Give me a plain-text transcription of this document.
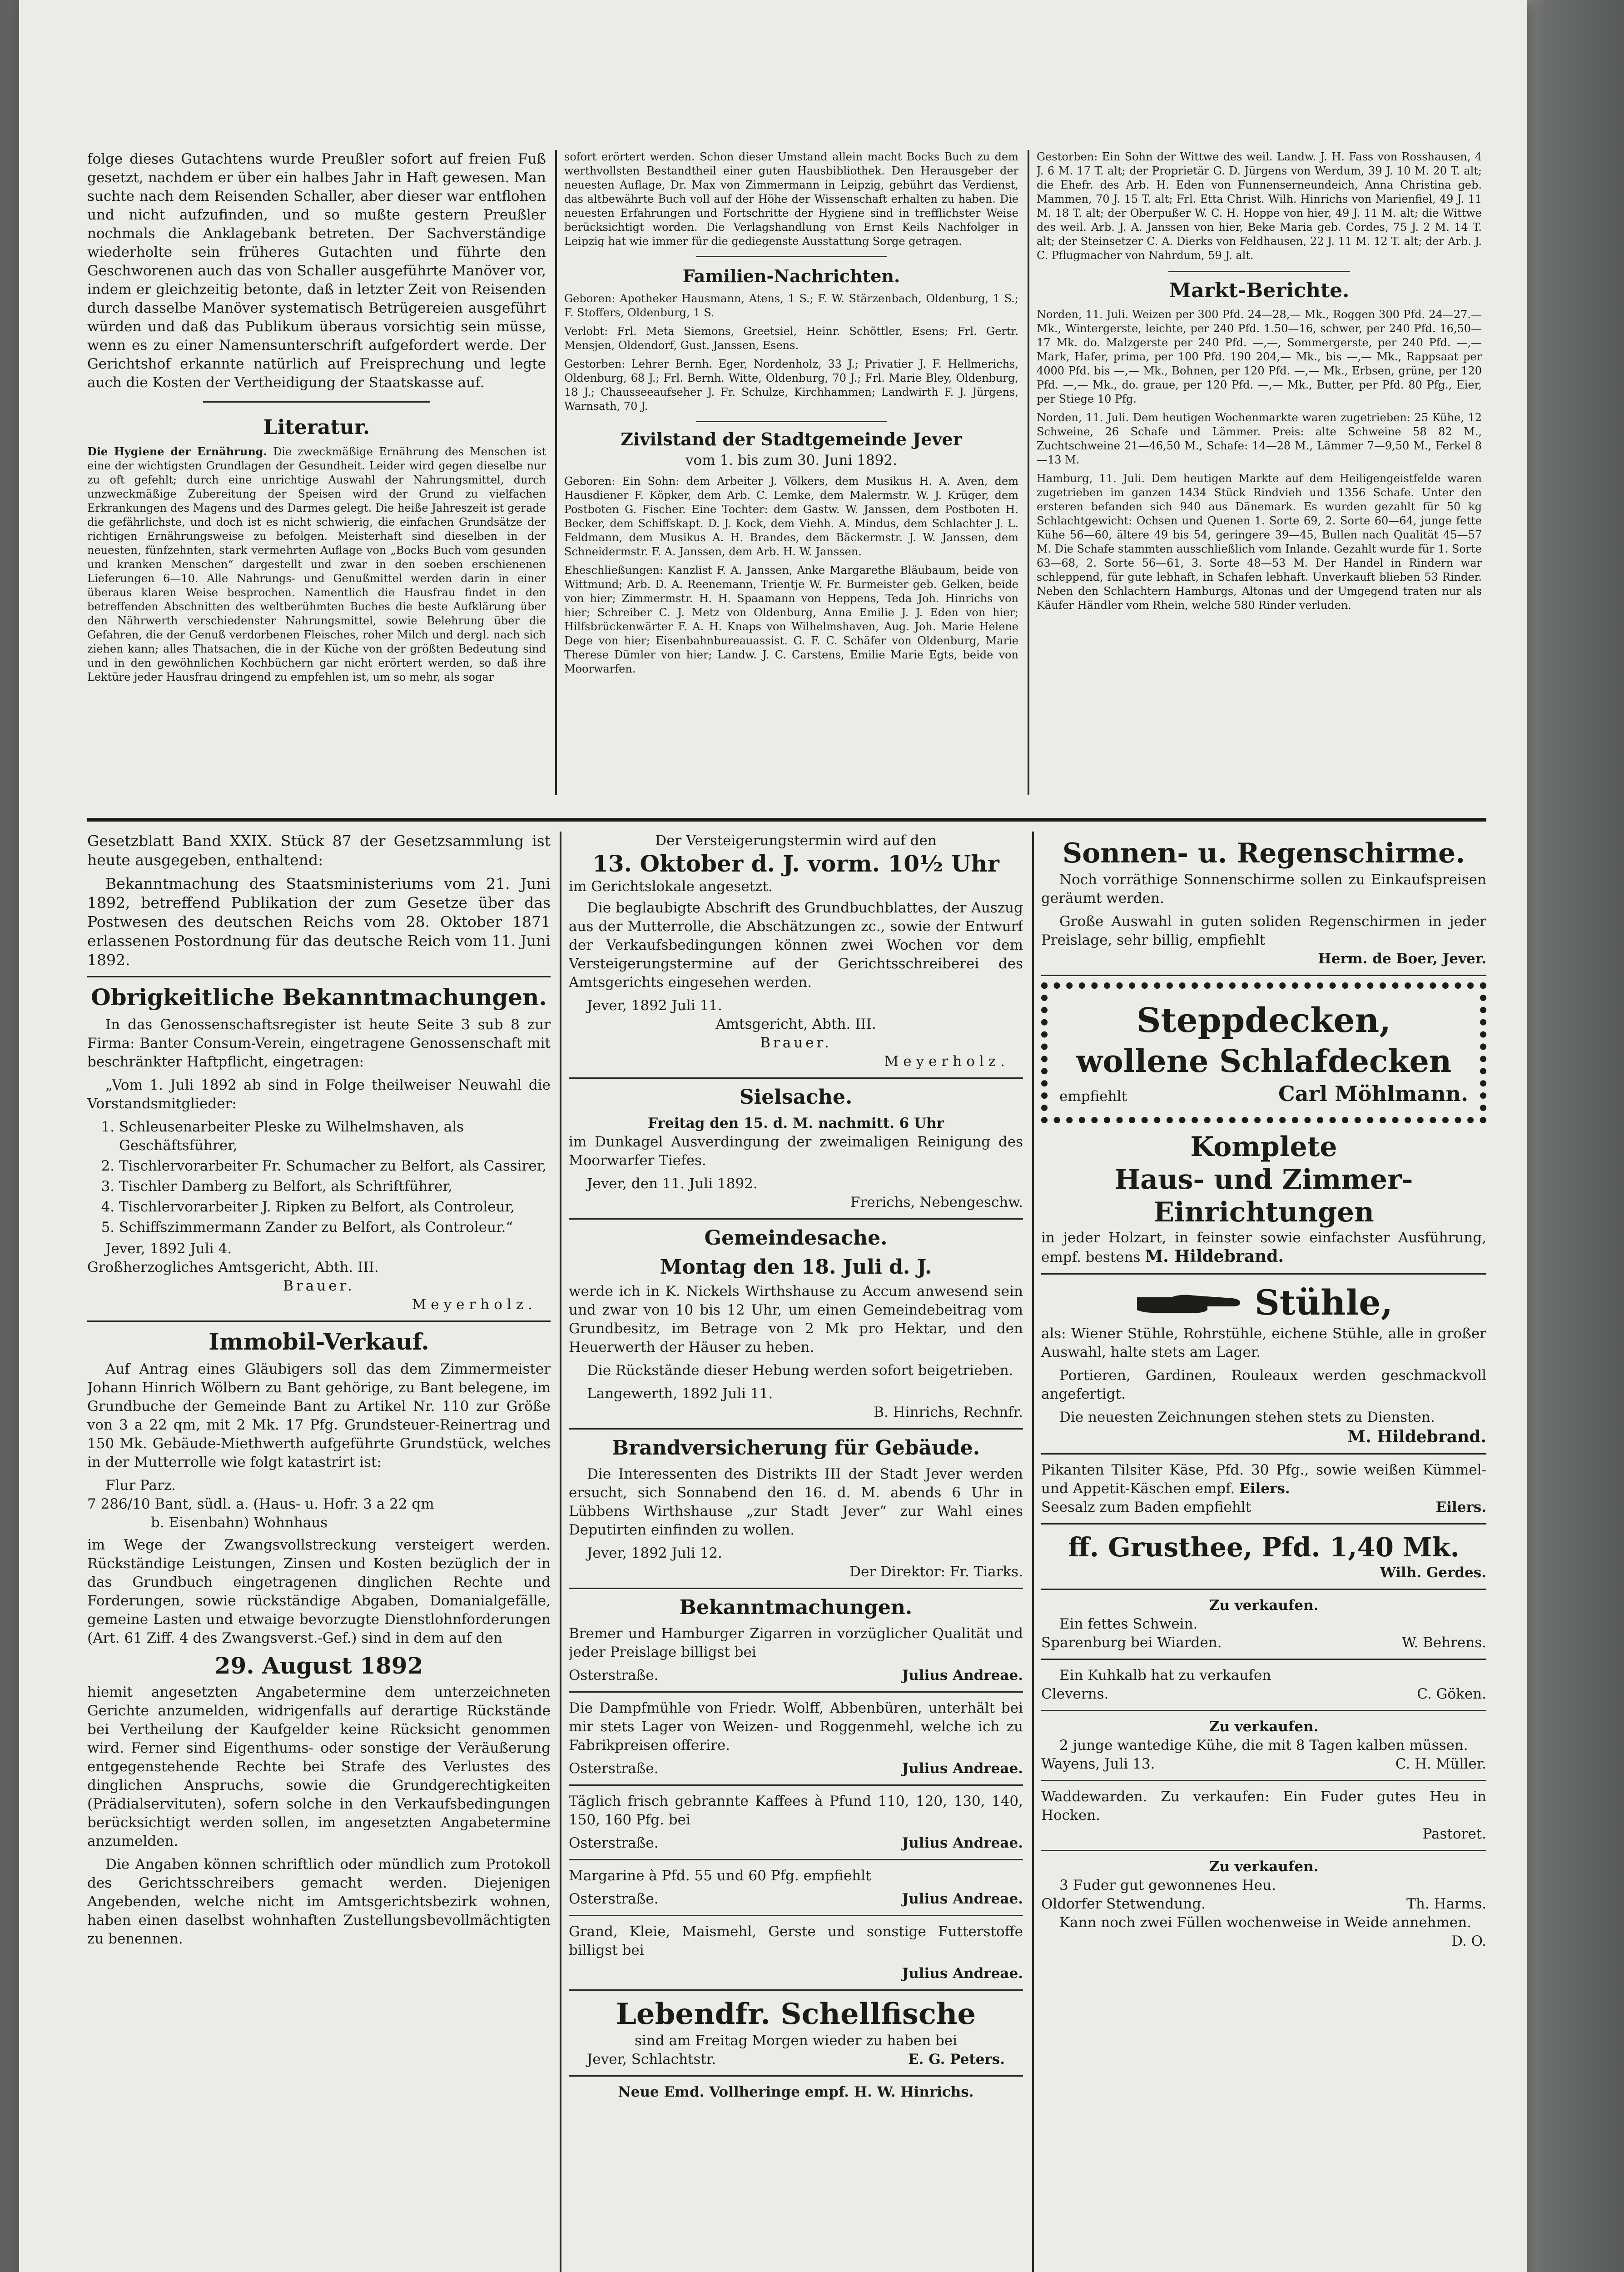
folge dieses Gutachtens wurde Preußler sofort auf freien Fuß gesetzt, nachdem er über ein halbes Jahr in Haft gewesen. Man suchte nach dem Reisenden Schaller, aber dieser war entflohen und nicht aufzufinden, und so mußte gestern Preußler nochmals die Anklagebank betreten. Der Sachverständige wiederholte sein früheres Gutachten und führte den Geschworenen auch das von Schaller ausgeführte Manöver vor, indem er gleichzeitig betonte, daß in letzter Zeit von Reisenden durch dasselbe Manöver systematisch Betrügereien ausgeführt würden und daß das Publikum überaus vorsichtig sein müsse, wenn es zu einer Namensunterschrift aufgefordert werde. Der Gerichtshof erkannte natürlich auf Freisprechung und legte auch die Kosten der Vertheidigung der Staatskasse auf.

Literatur.

Die Hygiene der Ernährung. Die zweckmäßige Ernährung des Menschen ist eine der wichtigsten Grundlagen der Gesundheit. Leider wird gegen dieselbe nur zu oft gefehlt; durch eine unrichtige Auswahl der Nahrungsmittel, durch unzweckmäßige Zubereitung der Speisen wird der Grund zu vielfachen Erkrankungen des Magens und des Darmes gelegt. Die heiße Jahreszeit ist gerade die gefährlichste, und doch ist es nicht schwierig, die einfachen Grundsätze der richtigen Ernährungsweise zu befolgen. Meisterhaft sind dieselben in der neuesten, fünfzehnten, stark vermehrten Auflage von „Bocks Buch vom gesunden und kranken Menschen“ dargestellt und zwar in den soeben erschienenen Lieferungen 6—10. Alle Nahrungs- und Genußmittel werden darin in einer überaus klaren Weise besprochen. Namentlich die Hausfrau findet in den betreffenden Abschnitten des weltberühmten Buches die beste Aufklärung über den Nährwerth verschiedenster Nahrungsmittel, sowie Belehrung über die Gefahren, die der Genuß verdorbenen Fleisches, roher Milch und dergl. nach sich ziehen kann; alles Thatsachen, die in der Küche von der größten Bedeutung sind und in den gewöhnlichen Kochbüchern gar nicht erörtert werden, so daß ihre Lektüre jeder Hausfrau dringend zu empfehlen ist, um so mehr, als sogar

sofort erörtert werden. Schon dieser Umstand allein macht Bocks Buch zu dem werthvollsten Bestandtheil einer guten Hausbibliothek. Den Herausgeber der neuesten Auflage, Dr. Max von Zimmermann in Leipzig, gebührt das Verdienst, das altbewährte Buch voll auf der Höhe der Wissenschaft erhalten zu haben. Die neuesten Erfahrungen und Fortschritte der Hygiene sind in trefflichster Weise berücksichtigt worden. Die Verlagshandlung von Ernst Keils Nachfolger in Leipzig hat wie immer für die gediegenste Ausstattung Sorge getragen.

Familien-Nachrichten.

Geboren: Apotheker Hausmann, Atens, 1 S.; F. W. Stärzenbach, Oldenburg, 1 S.; F. Stoffers, Oldenburg, 1 S.

Verlobt: Frl. Meta Siemons, Greetsiel, Heinr. Schöttler, Esens; Frl. Gertr. Mensjen, Oldendorf, Gust. Janssen, Esens.

Gestorben: Lehrer Bernh. Eger, Nordenholz, 33 J.; Privatier J. F. Hellmerichs, Oldenburg, 68 J.; Frl. Bernh. Witte, Oldenburg, 70 J.; Frl. Marie Bley, Oldenburg, 18 J.; Chausseeaufseher J. Fr. Schulze, Kirchhammen; Landwirth F. J. Jürgens, Warnsath, 70 J.

Zivilstand der Stadtgemeinde Jever
vom 1. bis zum 30. Juni 1892.

Geboren: Ein Sohn: dem Arbeiter J. Völkers, dem Musikus H. A. Aven, dem Hausdiener F. Köpker, dem Arb. C. Lemke, dem Malermstr. W. J. Krüger, dem Postboten G. Fischer. Eine Tochter: dem Gastw. W. Janssen, dem Postboten H. Becker, dem Schiffskapt. D. J. Kock, dem Viehh. A. Mindus, dem Schlachter J. L. Feldmann, dem Musikus A. H. Brandes, dem Bäckermstr. J. W. Janssen, dem Schneidermstr. F. A. Janssen, dem Arb. H. W. Janssen.

Eheschließungen: Kanzlist F. A. Janssen, Anke Margarethe Bläubaum, beide von Wittmund; Arb. D. A. Reenemann, Trientje W. Fr. Burmeister geb. Gelken, beide von hier; Zimmermstr. H. H. Spaamann von Heppens, Teda Joh. Hinrichs von hier; Schreiber C. J. Metz von Oldenburg, Anna Emilie J. J. Eden von hier; Hilfsbrückenwärter F. A. H. Knaps von Wilhelmshaven, Aug. Joh. Marie Helene Dege von hier; Eisenbahnbureauassist. G. F. C. Schäfer von Oldenburg, Marie Therese Dümler von hier; Landw. J. C. Carstens, Emilie Marie Egts, beide von Moorwarfen.

Gestorben: Ein Sohn der Wittwe des weil. Landw. J. H. Fass von Rosshausen, 4 J. 6 M. 17 T. alt; der Proprietär G. D. Jürgens von Werdum, 39 J. 10 M. 20 T. alt; die Ehefr. des Arb. H. Eden von Funnenserneundeich, Anna Christina geb. Mammen, 70 J. 15 T. alt; Frl. Etta Christ. Wilh. Hinrichs von Marienfiel, 49 J. 11 M. 18 T. alt; der Oberpußer W. C. H. Hoppe von hier, 49 J. 11 M. alt; die Wittwe des weil. Arb. J. A. Janssen von hier, Beke Maria geb. Cordes, 75 J. 2 M. 14 T. alt; der Steinsetzer C. A. Dierks von Feldhausen, 22 J. 11 M. 12 T. alt; der Arb. J. C. Pflugmacher von Nahrdum, 59 J. alt.

Markt-Berichte.

Norden, 11. Juli. Weizen per 300 Pfd. 24—28,— Mk., Roggen 300 Pfd. 24—27.— Mk., Wintergerste, leichte, per 240 Pfd. 1.50—16, schwer, per 240 Pfd. 16,50—17 Mk. do. Malzgerste per 240 Pfd. —,—, Sommergerste, per 240 Pfd. —,— Mark, Hafer, prima, per 100 Pfd. 190 204,— Mk., bis —,— Mk., Rappsaat per 4000 Pfd. bis —,— Mk., Bohnen, per 120 Pfd. —,— Mk., Erbsen, grüne, per 120 Pfd. —,— Mk., do. graue, per 120 Pfd. —,— Mk., Butter, per Pfd. 80 Pfg., Eier, per Stiege 10 Pfg.

Norden, 11. Juli. Dem heutigen Wochenmarkte waren zugetrieben: 25 Kühe, 12 Schweine, 26 Schafe und Lämmer. Preis: alte Schweine 58 82 M., Zuchtschweine 21—46,50 M., Schafe: 14—28 M., Lämmer 7—9,50 M., Ferkel 8—13 M.

Hamburg, 11. Juli. Dem heutigen Markte auf dem Heiligengeistfelde waren zugetrieben im ganzen 1434 Stück Rindvieh und 1356 Schafe. Unter den ersteren befanden sich 940 aus Dänemark. Es wurden gezahlt für 50 kg Schlachtgewicht: Ochsen und Quenen 1. Sorte 69, 2. Sorte 60—64, junge fette Kühe 56—60, ältere 49 bis 54, geringere 39—45, Bullen nach Qualität 45—57 M. Die Schafe stammten ausschließlich vom Inlande. Gezahlt wurde für 1. Sorte 63—68, 2. Sorte 56—61, 3. Sorte 48—53 M. Der Handel in Rindern war schleppend, für gute lebhaft, in Schafen lebhaft. Unverkauft blieben 53 Rinder. Neben den Schlachtern Hamburgs, Altonas und der Umgegend traten nur als Käufer Händler vom Rhein, welche 580 Rinder verluden.

Gesetzblatt Band XXIX. Stück 87 der Gesetzsammlung ist heute ausgegeben, enthaltend:

Bekanntmachung des Staatsministeriums vom 21. Juni 1892, betreffend Publikation der zum Gesetze über das Postwesen des deutschen Reichs vom 28. Oktober 1871 erlassenen Postordnung für das deutsche Reich vom 11. Juni 1892.

Obrigkeitliche Bekanntmachungen.

In das Genossenschaftsregister ist heute Seite 3 sub 8 zur Firma: Banter Consum-Verein, eingetragene Genossenschaft mit beschränkter Haftpflicht, eingetragen:

„Vom 1. Juli 1892 ab sind in Folge theilweiser Neuwahl die Vorstandsmitglieder:

1. Schleusenarbeiter Pleske zu Wilhelmshaven, als Geschäftsführer,
2. Tischlervorarbeiter Fr. Schumacher zu Belfort, als Cassirer,
3. Tischler Damberg zu Belfort, als Schriftführer,
4. Tischlervorarbeiter J. Ripken zu Belfort, als Controleur,
5. Schiffszimmermann Zander zu Belfort, als Controleur.“
Jever, 1892 Juli 4.
Großherzogliches Amtsgericht, Abth. III.
Brauer.
Meyerholz.
Immobil-Verkauf.

Auf Antrag eines Gläubigers soll das dem Zimmermeister Johann Hinrich Wölbern zu Bant gehörige, zu Bant belegene, im Grundbuche der Gemeinde Bant zu Artikel Nr. 110 zur Größe von 3 a 22 qm, mit 2 Mk. 17 Pfg. Grundsteuer-Reinertrag und 150 Mk. Gebäude-Miethwerth aufgeführte Grundstück, welches in der Mutterrolle wie folgt katastrirt ist:

Flur Parz.
7 286/10 Bant, südl. a. (Haus- u. Hofr. 3 a 22 qm
b. Eisenbahn) Wohnhaus

im Wege der Zwangsvollstreckung versteigert werden. Rückständige Leistungen, Zinsen und Kosten bezüglich der in das Grundbuch eingetragenen dinglichen Rechte und Forderungen, sowie rückständige Abgaben, Domanialgefälle, gemeine Lasten und etwaige bevorzugte Dienstlohnforderungen (Art. 61 Ziff. 4 des Zwangsverst.-Gef.) sind in dem auf den

29. August 1892

hiemit angesetzten Angabetermine dem unterzeichneten Gerichte anzumelden, widrigenfalls auf derartige Rückstände bei Vertheilung der Kaufgelder keine Rücksicht genommen wird. Ferner sind Eigenthums- oder sonstige der Veräußerung entgegenstehende Rechte bei Strafe des Verlustes des dinglichen Anspruchs, sowie die Grundgerechtigkeiten (Prädialservituten), sofern solche in den Verkaufsbedingungen berücksichtigt werden sollen, im angesetzten Angabetermine anzumelden.

Die Angaben können schriftlich oder mündlich zum Protokoll des Gerichtsschreibers gemacht werden. Diejenigen Angebenden, welche nicht im Amtsgerichtsbezirk wohnen, haben einen daselbst wohnhaften Zustellungsbevollmächtigten zu benennen.

Der Versteigerungstermin wird auf den
13. Oktober d. J. vorm. 10½ Uhr
im Gerichtslokale angesetzt.

Die beglaubigte Abschrift des Grundbuchblattes, der Auszug aus der Mutterrolle, die Abschätzungen zc., sowie der Entwurf der Verkaufsbedingungen können zwei Wochen vor dem Versteigerungstermine auf der Gerichtsschreiberei des Amtsgerichts eingesehen werden.

Jever, 1892 Juli 11.
Amtsgericht, Abth. III.
Brauer.
Meyerholz.
Sielsache.
Freitag den 15. d. M. nachmitt. 6 Uhr

im Dunkagel Ausverdingung der zweimaligen Reinigung des Moorwarfer Tiefes.

Jever, den 11. Juli 1892.
Frerichs, Nebengeschw.
Gemeindesache.
Montag den 18. Juli d. J.

werde ich in K. Nickels Wirthshause zu Accum anwesend sein und zwar von 10 bis 12 Uhr, um einen Gemeindebeitrag vom Grundbesitz, im Betrage von 2 Mk pro Hektar, und den Heuerwerth der Häuser zu heben.

Die Rückstände dieser Hebung werden sofort beigetrieben.

Langewerth, 1892 Juli 11.
B. Hinrichs, Rechnfr.
Brandversicherung für Gebäude.

Die Interessenten des Distrikts III der Stadt Jever werden ersucht, sich Sonnabend den 16. d. M. abends 6 Uhr in Lübbens Wirthshause „zur Stadt Jever“ zur Wahl eines Deputirten einfinden zu wollen.

Jever, 1892 Juli 12.
Der Direktor: Fr. Tiarks.
Bekanntmachungen.

Bremer und Hamburger Zigarren in vorzüglicher Qualität und jeder Preislage billigst bei

Osterstraße.	Julius Andreae.

Die Dampfmühle von Friedr. Wolff, Abbenbüren, unterhält bei mir stets Lager von Weizen- und Roggenmehl, welche ich zu Fabrikpreisen offerire.

Osterstraße.	Julius Andreae.

Täglich frisch gebrannte Kaffees à Pfund 110, 120, 130, 140, 150, 160 Pfg. bei

Osterstraße.	Julius Andreae.

Margarine à Pfd. 55 und 60 Pfg. empfiehlt

Osterstraße.	Julius Andreae.

Grand, Kleie, Maismehl, Gerste und sonstige Futterstoffe billigst bei

Julius Andreae.
Lebendfr. Schellfische
sind am Freitag Morgen wieder zu haben bei
Jever, Schlachtstr.	E. G. Peters.
Neue Emd. Vollheringe empf. H. W. Hinrichs.
Sonnen- u. Regenschirme.

Noch vorräthige Sonnenschirme sollen zu Einkaufspreisen geräumt werden.

Große Auswahl in guten soliden Regenschirmen in jeder Preislage, sehr billig, empfiehlt

Herm. de Boer, Jever.
Steppdecken,
wollene Schlafdecken
empfiehlt	Carl Möhlmann.
Komplete
Haus- und Zimmer-
Einrichtungen

in jeder Holzart, in feinster sowie einfachster Ausführung, empf. bestens M. Hildebrand.

Stühle,

als: Wiener Stühle, Rohrstühle, eichene Stühle, alle in großer Auswahl, halte stets am Lager.

Portieren, Gardinen, Rouleaux werden geschmackvoll angefertigt.

Die neuesten Zeichnungen stehen stets zu Diensten.

M. Hildebrand.

Pikanten Tilsiter Käse, Pfd. 30 Pfg., sowie weißen Kümmel- und Appetit-Käschen empf. Eilers.

Seesalz zum Baden empfiehlt	Eilers.
ff. Grusthee, Pfd. 1,40 Mk.
Wilh. Gerdes.
Zu verkaufen.
Ein fettes Schwein.
Sparenburg bei Wiarden.	W. Behrens.
Ein Kuhkalb hat zu verkaufen
Cleverns.	C. Göken.
Zu verkaufen.

2 junge wantedige Kühe, die mit 8 Tagen kalben müssen.

Wayens, Juli 13.	C. H. Müller.

Waddewarden. Zu verkaufen: Ein Fuder gutes Heu in Hocken.

Pastoret.
Zu verkaufen.
3 Fuder gut gewonnenes Heu.
Oldorfer Stetwendung.	Th. Harms.

Kann noch zwei Füllen wochenweise in Weide annehmen.

D. O.
